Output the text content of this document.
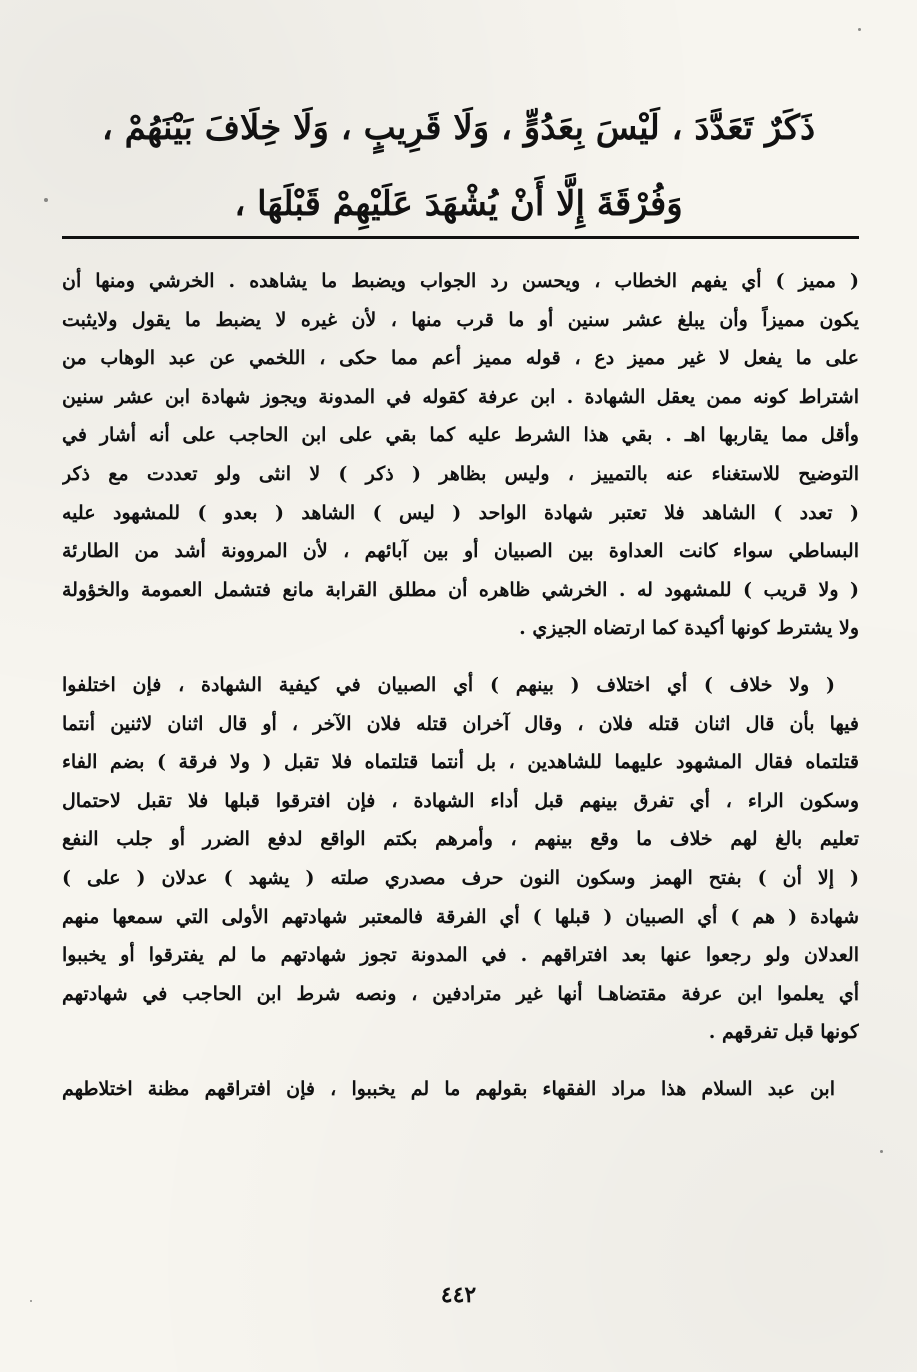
ذَكَرٌ تَعَدَّدَ ، لَيْسَ بِعَدُوٍّ ، وَلَا قَرِيبٍ ، وَلَا خِلَافَ بَيْنَهُمْ ،
وَفُرْقَةَ إِلَّا أَنْ يُشْهَدَ عَلَيْهِمْ قَبْلَهَا ،
( مميز ) أي يفهم الخطاب ، ويحسن رد الجواب ويضبط ما يشاهده . الخرشي ومنها أن
يكون مميزاً وأن يبلغ عشر سنين أو ما قرب منها ، لأن غيره لا يضبط ما يقول ولايثبت
على ما يفعل لا غير مميز دع ، قوله مميز أعم مما حكى ، اللخمي عن عبد الوهاب من
اشتراط كونه ممن يعقل الشهادة . ابن عرفة كقوله في المدونة ويجوز شهادة ابن عشر سنين
وأقل مما يقاربها اهـ . بقي هذا الشرط عليه كما بقي على ابن الحاجب على أنه أشار في
التوضيح للاستغناء عنه بالتمييز ، وليس بظاهر ( ذكر ) لا انثى ولو تعددت مع ذكر
( تعدد ) الشاهد فلا تعتبر شهادة الواحد ( ليس ) الشاهد ( بعدو ) للمشهود عليه
البساطي سواء كانت العداوة بين الصبيان أو بين آبائهم ، لأن المروونة أشد من الطارئة
( ولا قريب ) للمشهود له . الخرشي ظاهره أن مطلق القرابة مانع فتشمل العمومة والخؤولة
ولا يشترط كونها أكيدة كما ارتضاه الجيزي .
( ولا خلاف ) أي اختلاف ( بينهم ) أي الصبيان في كيفية الشهادة ، فإن اختلفوا
فيها بأن قال اثنان قتله فلان ، وقال آخران قتله فلان الآخر ، أو قال اثنان لاثنين أنتما
قتلتماه فقال المشهود عليهما للشاهدين ، بل أنتما قتلتماه فلا تقبل ( ولا فرقة ) بضم الفاء
وسكون الراء ، أي تفرق بينهم قبل أداء الشهادة ، فإن افترقوا قبلها فلا تقبل لاحتمال
تعليم بالغ لهم خلاف ما وقع بينهم ، وأمرهم بكتم الواقع لدفع الضرر أو جلب النفع
( إلا أن ) بفتح الهمز وسكون النون حرف مصدري صلته ( يشهد ) عدلان ( على )
شهادة ( هم ) أي الصبيان ( قبلها ) أي الفرقة فالمعتبر شهادتهم الأولى التي سمعها منهم
العدلان ولو رجعوا عنها بعد افتراقهم . في المدونة تجوز شهادتهم ما لم يفترقوا أو يخببوا
أي يعلموا ابن عرفة مقتضاهـا أنها غير مترادفين ، ونصه شرط ابن الحاجب في شهادتهم
كونها قبل تفرقهم .
ابن عبد السلام هذا مراد الفقهاء بقولهم ما لم يخببوا ، فإن افتراقهم مظنة اختلاطهم
٤٤٢
